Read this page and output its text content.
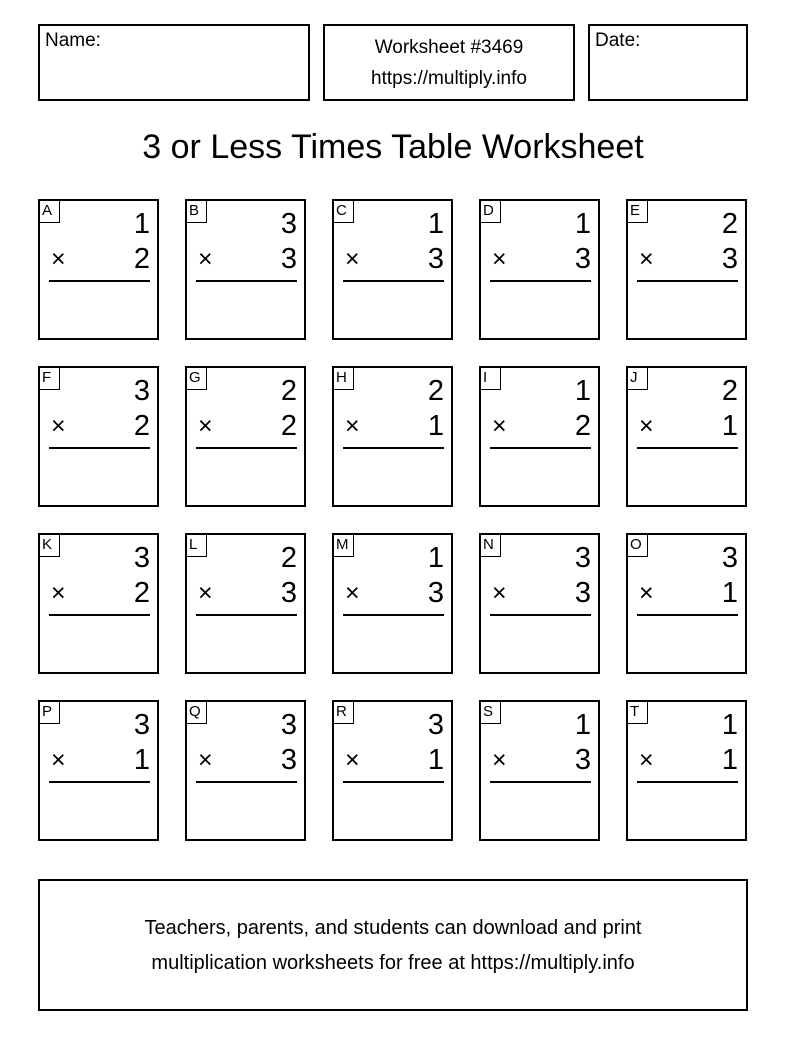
Name:	Worksheet #3469
https://multiply.info
Date:
3 or Less Times Table Worksheet
A	1
× 2
B	3
× 3
C	1
× 3
D	1
× 3
E	2
× 3
F	3
× 2
G	2
× 2
H	2
× 1
I	1
× 2
J	2
× 1
K	3
× 2
L	2
× 3
M	1
× 3
N	3
× 3
O	3
× 1
P	3
× 1
Q	3
× 3
R	3
× 1
S	1
× 3
T	1
× 1
Teachers, parents, and students can download and print
multiplication worksheets for free at https://multiply.info
